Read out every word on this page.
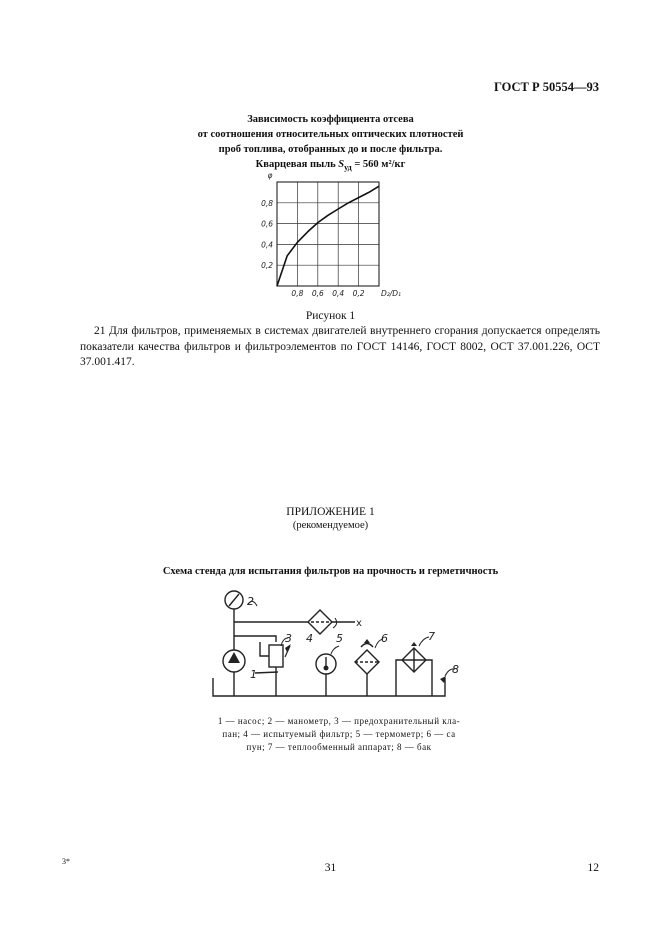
ГОСТ Р 50554—93
Зависимость коэффициента отсева
от соотношения относительных оптических плотностей
проб топлива, отобранных до и после фильтра.
Кварцевая пыль $S_{уд} = 560$ м²/кг
0,2
0,4
0,6
0,8
0,8 0,6 0,4 0,2
φ
D₂/D₁
Рисунок 1
21 Для фильтров, применяемых в системах двигателей внутреннего сгорания допускается определять показатели качества фильтров и фильтроэлементов по ГОСТ 14146, ГОСТ 8002, ОСТ 37.001.226, ОСТ 37.001.417.
ПРИЛОЖЕНИЕ 1
(рекомендуемое)
Схема стенда для испытания фильтров на прочность и герметичность
2
1
3 4 5	6	7
8
x
1 — насос; 2 — манометр, 3 — предохранительный кла-
пан; 4 — испытуемый фильтр; 5 — термометр; 6 — са
пун; 7 — теплообменный аппарат; 8 — бак
3*
31	12
